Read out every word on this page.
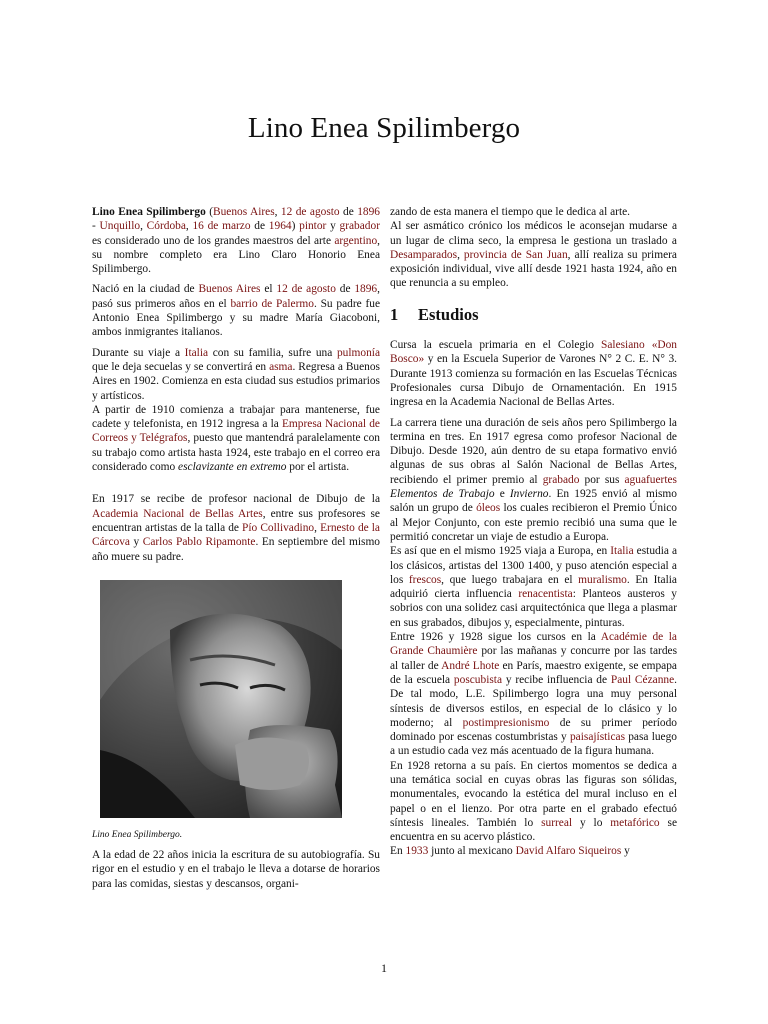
Lino Enea Spilimbergo

Lino Enea Spilimbergo (Buenos Aires, 12 de agosto de 1896 - Unquillo, Córdoba, 16 de marzo de 1964) pintor y grabador es considerado uno de los grandes maestros del arte argentino, su nombre completo era Lino Claro Honorio Enea Spilimbergo.

Nació en la ciudad de Buenos Aires el 12 de agosto de 1896, pasó sus primeros años en el barrio de Palermo. Su padre fue Antonio Enea Spilimbergo y su madre María Giacoboni, ambos inmigrantes italianos.

Durante su viaje a Italia con su familia, sufre una pulmonía que le deja secuelas y se convertirá en asma. Regresa a Buenos Aires en 1902. Comienza en esta ciudad sus estudios primarios y artísticos.

A partir de 1910 comienza a trabajar para mantenerse, fue cadete y telefonista, en 1912 ingresa a la Empresa Nacional de Correos y Telégrafos, puesto que mantendrá paralelamente con su trabajo como artista hasta 1924, este trabajo en el correo era considerado como esclavizante en extremo por el artista.

En 1917 se recibe de profesor nacional de Dibujo de la Academia Nacional de Bellas Artes, entre sus profesores se encuentran artistas de la talla de Pío Collivadino, Ernesto de la Cárcova y Carlos Pablo Ripamonte. En septiembre del mismo año muere su padre.

Lino Enea Spilimbergo.

A la edad de 22 años inicia la escritura de su autobiografía. Su rigor en el estudio y en el trabajo le lleva a dotarse de horarios para las comidas, siestas y descansos, organi-

zando de esta manera el tiempo que le dedica al arte.

Al ser asmático crónico los médicos le aconsejan mudarse a un lugar de clima seco, la empresa le gestiona un traslado a Desamparados, provincia de San Juan, allí realiza su primera exposición individual, vive allí desde 1921 hasta 1924, año en que renuncia a su empleo.

1 Estudios

Cursa la escuela primaria en el Colegio Salesiano «Don Bosco» y en la Escuela Superior de Varones N° 2 C. E. N° 3. Durante 1913 comienza su formación en las Escuelas Técnicas Profesionales cursa Dibujo de Ornamentación. En 1915 ingresa en la Academia Nacional de Bellas Artes.

La carrera tiene una duración de seis años pero Spilimbergo la termina en tres. En 1917 egresa como profesor Nacional de Dibujo. Desde 1920, aún dentro de su etapa formativo envió algunas de sus obras al Salón Nacional de Bellas Artes, recibiendo el primer premio al grabado por sus aguafuertes Elementos de Trabajo e Invierno. En 1925 envió al mismo salón un grupo de óleos los cuales recibieron el Premio Único al Mejor Conjunto, con este premio recibió una suma que le permitió concretar un viaje de estudio a Europa.

Es así que en el mismo 1925 viaja a Europa, en Italia estudia a los clásicos, artistas del 1300 1400, y puso atención especial a los frescos, que luego trabajara en el muralismo. En Italia adquirió cierta influencia renacentista: Planteos austeros y sobrios con una solidez casi arquitectónica que llega a plasmar en sus grabados, dibujos y, especialmente, pinturas.

Entre 1926 y 1928 sigue los cursos en la Académie de la Grande Chaumière por las mañanas y concurre por las tardes al taller de André Lhote en París, maestro exigente, se empapa de la escuela poscubista y recibe influencia de Paul Cézanne. De tal modo, L.E. Spilimbergo logra una muy personal síntesis de diversos estilos, en especial de lo clásico y lo moderno; al postimpresionismo de su primer período dominado por escenas costumbristas y paisajísticas pasa luego a un estudio cada vez más acentuado de la figura humana.

En 1928 retorna a su país. En ciertos momentos se dedica a una temática social en cuyas obras las figuras son sólidas, monumentales, evocando la estética del mural incluso en el papel o en el lienzo. Por otra parte en el grabado efectuó síntesis lineales. También lo surreal y lo metafórico se encuentra en su acervo plástico.

En 1933 junto al mexicano David Alfaro Siqueiros y

1
